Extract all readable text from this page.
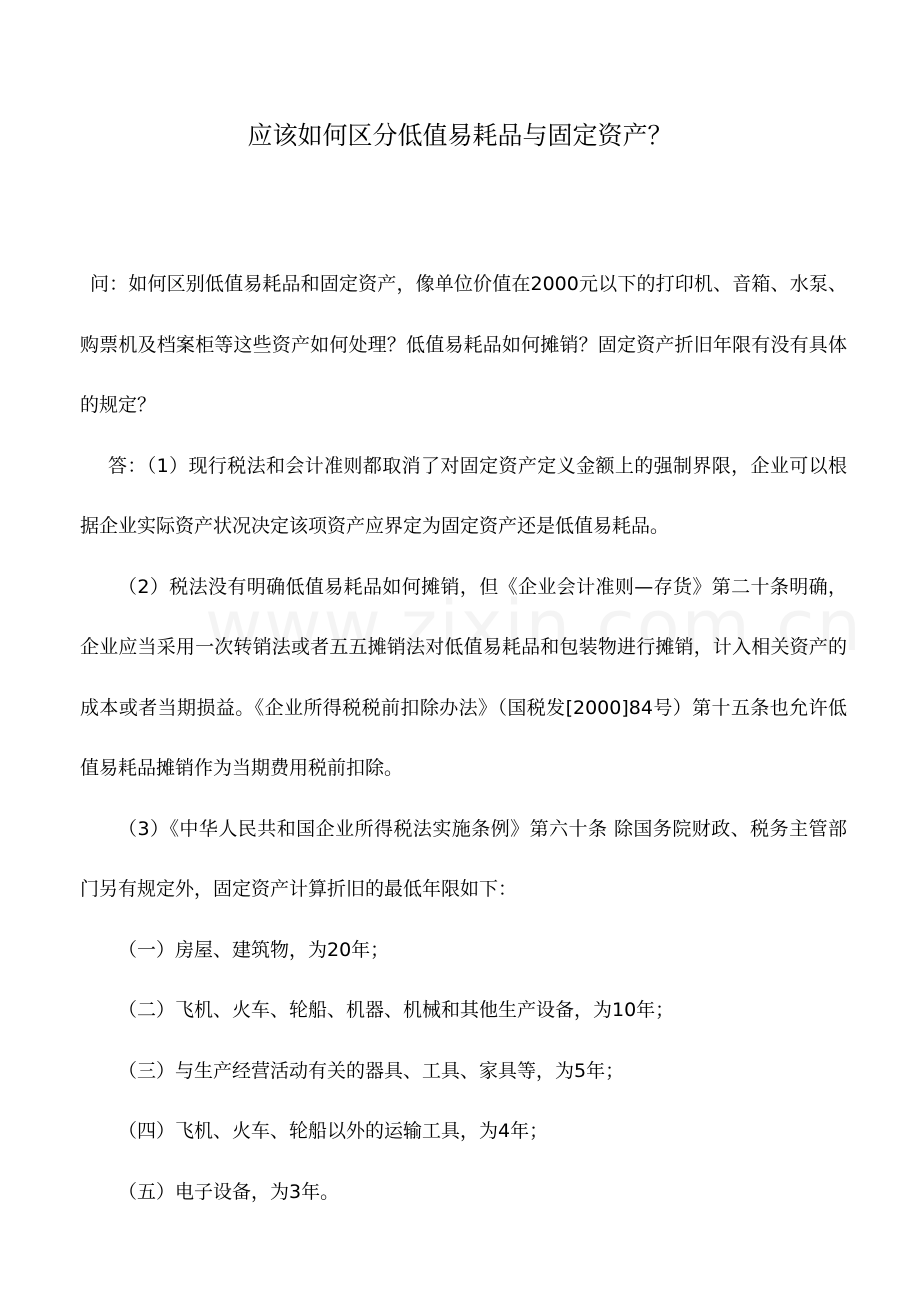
应该如何区分低值易耗品与固定资产？

问：如何区别低值易耗品和固定资产，像单位价值在2000元以下的打印机、音箱、水泵、购票机及档案柜等这些资产如何处理？低值易耗品如何摊销？固定资产折旧年限有没有具体的规定？

答：（1）现行税法和会计准则都取消了对固定资产定义金额上的强制界限，企业可以根据企业实际资产状况决定该项资产应界定为固定资产还是低值易耗品。

（2）税法没有明确低值易耗品如何摊销，但《企业会计准则—存货》第二十条明确，企业应当采用一次转销法或者五五摊销法对低值易耗品和包装物进行摊销，计入相关资产的成本或者当期损益。《企业所得税税前扣除办法》（国税发[2000]84号）第十五条也允许低值易耗品摊销作为当期费用税前扣除。

（3）《中华人民共和国企业所得税法实施条例》第六十条 除国务院财政、税务主管部门另有规定外，固定资产计算折旧的最低年限如下：

（一）房屋、建筑物，为20年；

（二）飞机、火车、轮船、机器、机械和其他生产设备，为10年；

（三）与生产经营活动有关的器具、工具、家具等，为5年；

（四）飞机、火车、轮船以外的运输工具，为4年；

（五）电子设备，为3年。
